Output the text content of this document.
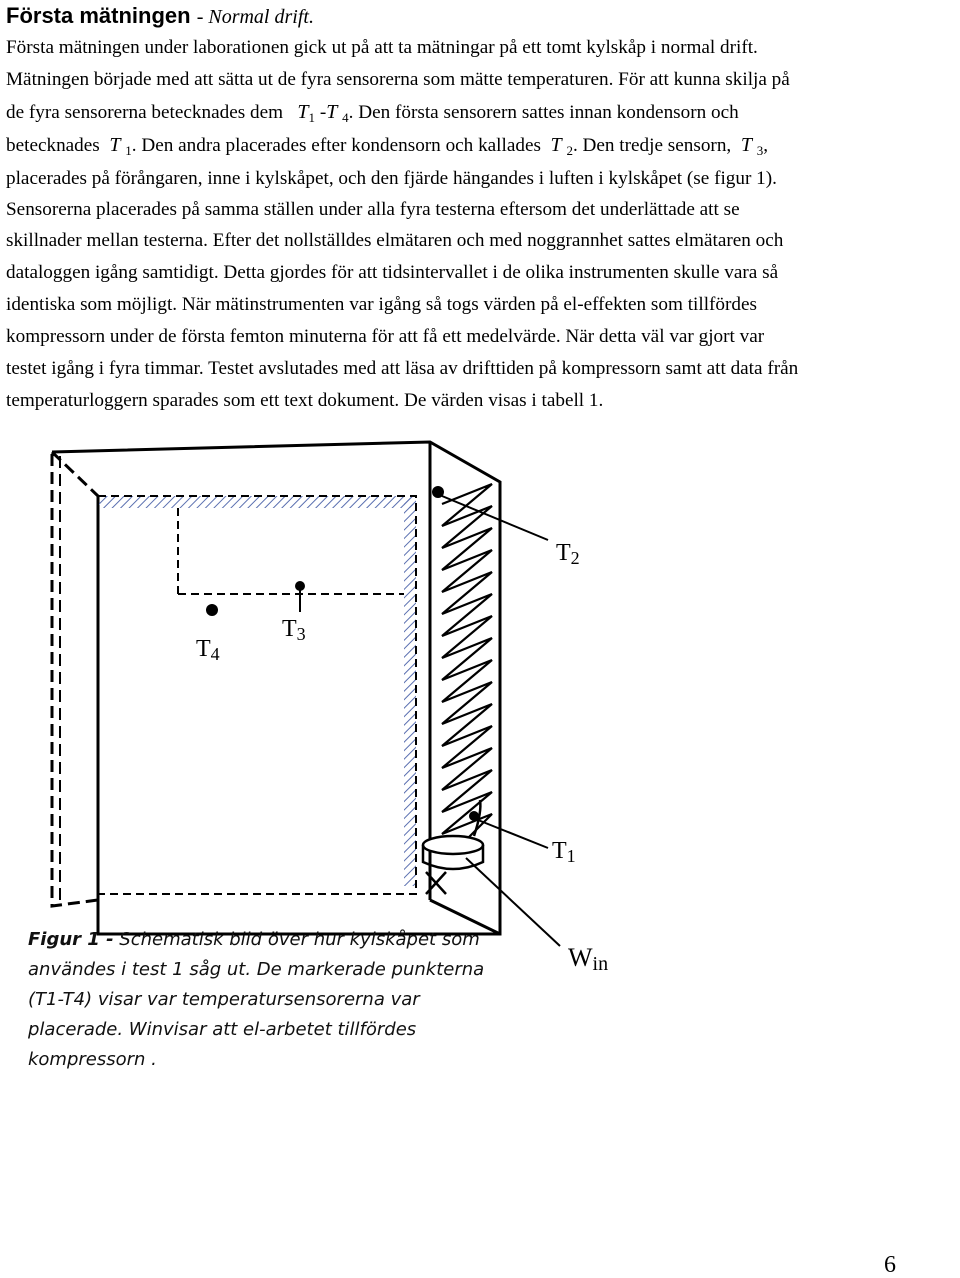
Första mätningen - Normal drift.

Första mätningen under laborationen gick ut på att ta mätningar på ett tomt kylskåp i normal drift.

Mätningen började med att sätta ut de fyra sensorerna som mätte temperaturen. För att kunna skilja på

de fyra sensorerna betecknades dem $T_1$ -T $_4$. Den första sensorern sattes innan kondensorn och

betecknades T $_1$. Den andra placerades efter kondensorn och kallades T $_2$. Den tredje sensorn, T $_3$,

placerades på förångaren, inne i kylskåpet, och den fjärde hängandes i luften i kylskåpet (se figur 1).

Sensorerna placerades på samma ställen under alla fyra testerna eftersom det underlättade att se

skillnader mellan testerna. Efter det nollställdes elmätaren och med noggrannhet sattes elmätaren och

dataloggen igång samtidigt. Detta gjordes för att tidsintervallet i de olika instrumenten skulle vara så

identiska som möjligt. När mätinstrumenten var igång så togs värden på el-effekten som tillfördes

kompressorn under de första femton minuterna för att få ett medelvärde. När detta väl var gjort var

testet igång i fyra timmar. Testet avslutades med att läsa av drifttiden på kompressorn samt att data från

temperaturloggern sparades som ett text dokument. De värden visas i tabell 1.

T2
T3
T4
T1
Win

Figur 1 - Schematisk bild över hur kylskåpet som

användes i test 1 såg ut. De markerade punkterna

(T1-T4) visar var temperatursensorerna var

placerade. Winvisar att el-arbetet tillfördes

kompressorn .

6
